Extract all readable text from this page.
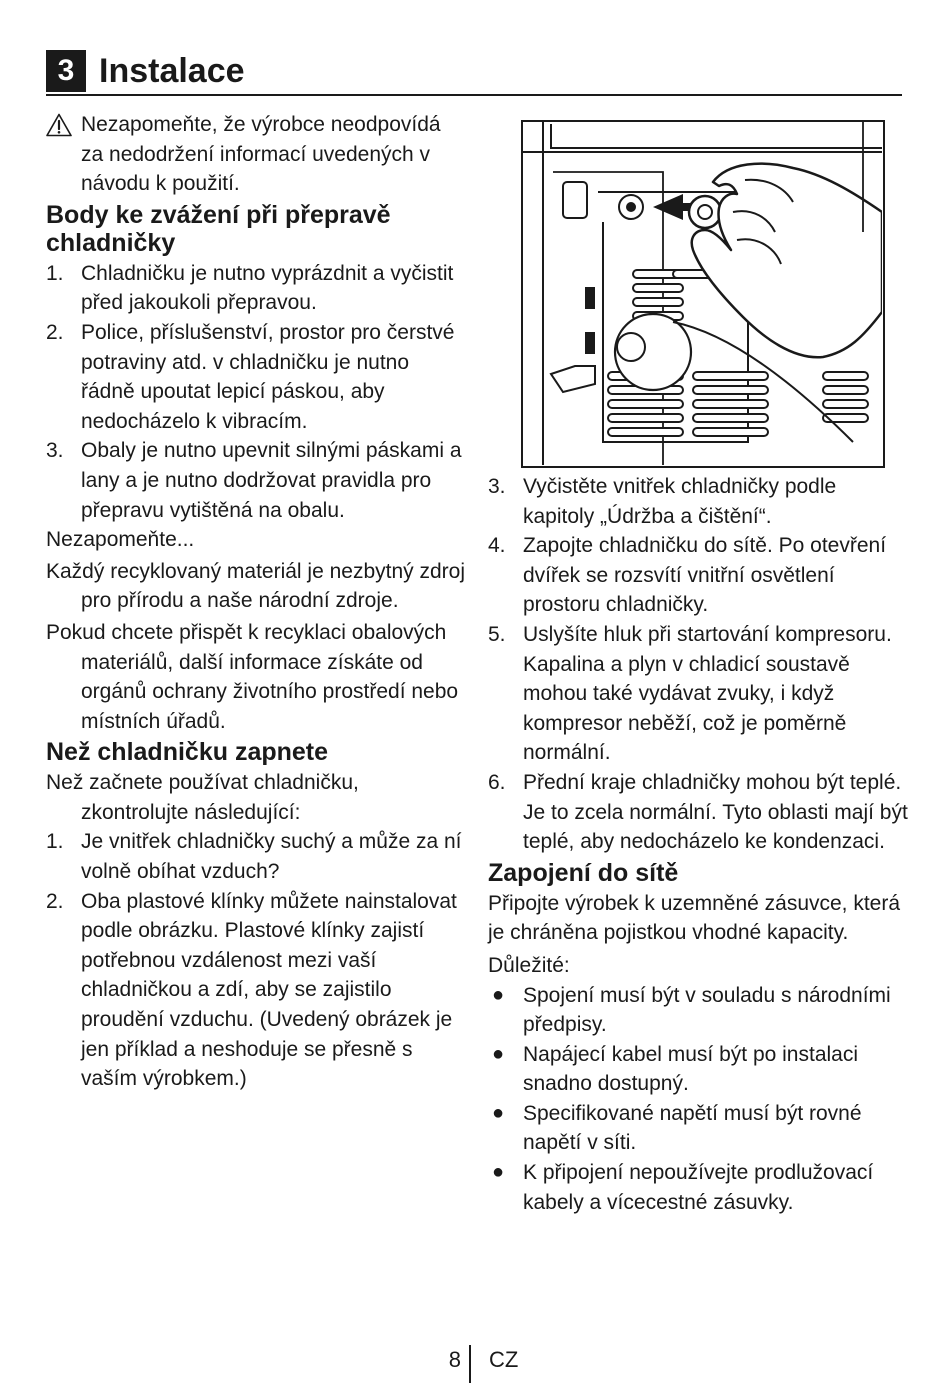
3 Instalace
Nezapomeňte, že výrobce neodpovídá za nedodržení informací uvedených v návodu k použití.
Body ke zvážení při přepravě chladničky
1. Chladničku je nutno vyprázdnit a vyčistit před jakoukoli přepravou.
2. Police, příslušenství, prostor pro čerstvé potraviny atd. v chladničku je nutno řádně upoutat lepicí páskou, aby nedocházelo k vibracím.
3. Obaly je nutno upevnit silnými páskami a lany a je nutno dodržovat pravidla pro přepravu vytištěná na obalu.

Nezapomeňte...

Každý recyklovaný materiál je nezbytný zdroj pro přírodu a naše národní zdroje.

Pokud chcete přispět k recyklaci obalových materiálů, další informace získáte od orgánů ochrany životního prostředí nebo místních úřadů.

Než chladničku zapnete

Než začnete používat chladničku, zkontrolujte následující:

1. Je vnitřek chladničky suchý a může za ní volně obíhat vzduch?
2. Oba plastové klínky můžete nainstalovat podle obrázku. Plastové klínky zajistí potřebnou vzdálenost mezi vaší chladničkou a zdí, aby se zajistilo proudění vzduchu. (Uvedený obrázek je jen příklad a neshoduje se přesně s vaším výrobkem.)
3. Vyčistěte vnitřek chladničky podle kapitoly „Údržba a čištění“.
4. Zapojte chladničku do sítě. Po otevření dvířek se rozsvítí vnitřní osvětlení prostoru chladničky.
5. Uslyšíte hluk při startování kompresoru. Kapalina a plyn v chladicí soustavě mohou také vydávat zvuky, i když kompresor neběží, což je poměrně normální.
6. Přední kraje chladničky mohou být teplé. Je to zcela normální. Tyto oblasti mají být teplé, aby nedocházelo ke kondenzaci.
Zapojení do sítě

Připojte výrobek k uzemněné zásuvce, která je chráněna pojistkou vhodné kapacity.

Důležité:

● Spojení musí být v souladu s národními předpisy.
● Napájecí kabel musí být po instalaci snadno dostupný.
● Specifikované napětí musí být rovné napětí v síti.
● K připojení nepoužívejte prodlužovací kabely a vícecestné zásuvky.
8 CZ
